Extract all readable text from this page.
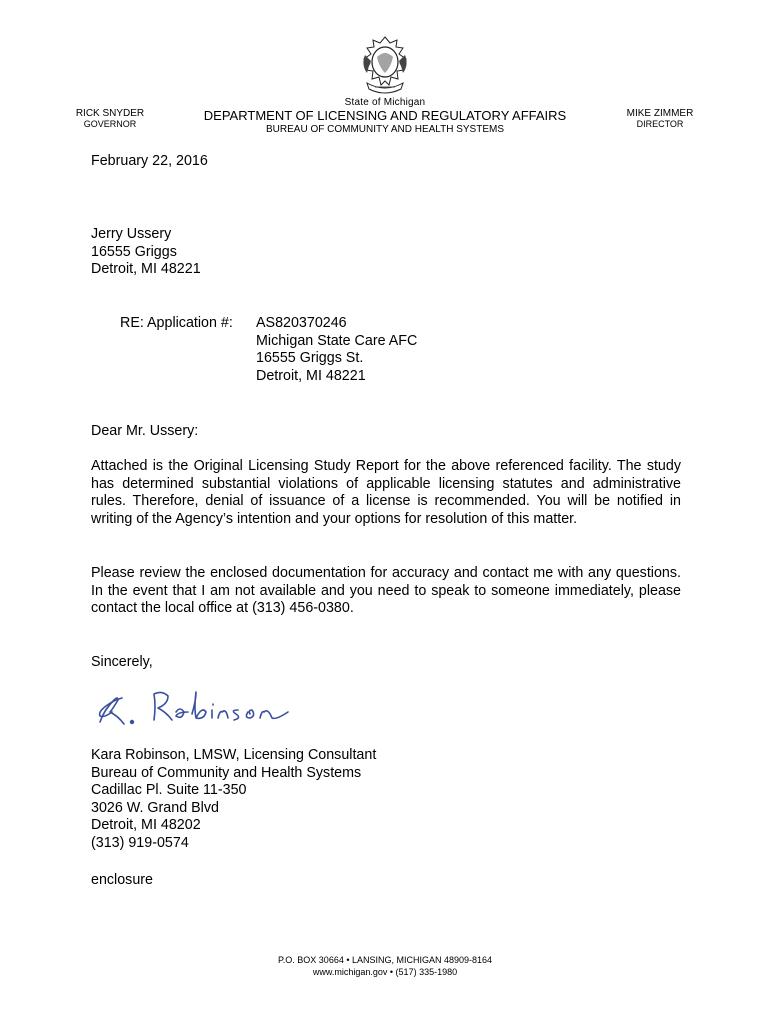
State of Michigan
DEPARTMENT OF LICENSING AND REGULATORY AFFAIRS
BUREAU OF COMMUNITY AND HEALTH SYSTEMS
RICK SNYDER
GOVERNOR
MIKE ZIMMER
DIRECTOR
February 22, 2016
Jerry Ussery
16555 Griggs
Detroit, MI 48221
RE: Application #: AS820370246
Michigan State Care AFC
16555 Griggs St.
Detroit, MI 48221
Dear Mr. Ussery:
Attached is the Original Licensing Study Report for the above referenced facility. The study has determined substantial violations of applicable licensing statutes and administrative rules. Therefore, denial of issuance of a license is recommended. You will be notified in writing of the Agency’s intention and your options for resolution of this matter.
Please review the enclosed documentation for accuracy and contact me with any questions. In the event that I am not available and you need to speak to someone immediately, please contact the local office at (313) 456-0380.
Sincerely,
Kara Robinson, LMSW, Licensing Consultant
Bureau of Community and Health Systems
Cadillac Pl. Suite 11-350
3026 W. Grand Blvd
Detroit, MI 48202
(313) 919-0574
enclosure
P.O. BOX 30664 • LANSING, MICHIGAN 48909-8164
www.michigan.gov • (517) 335-1980
